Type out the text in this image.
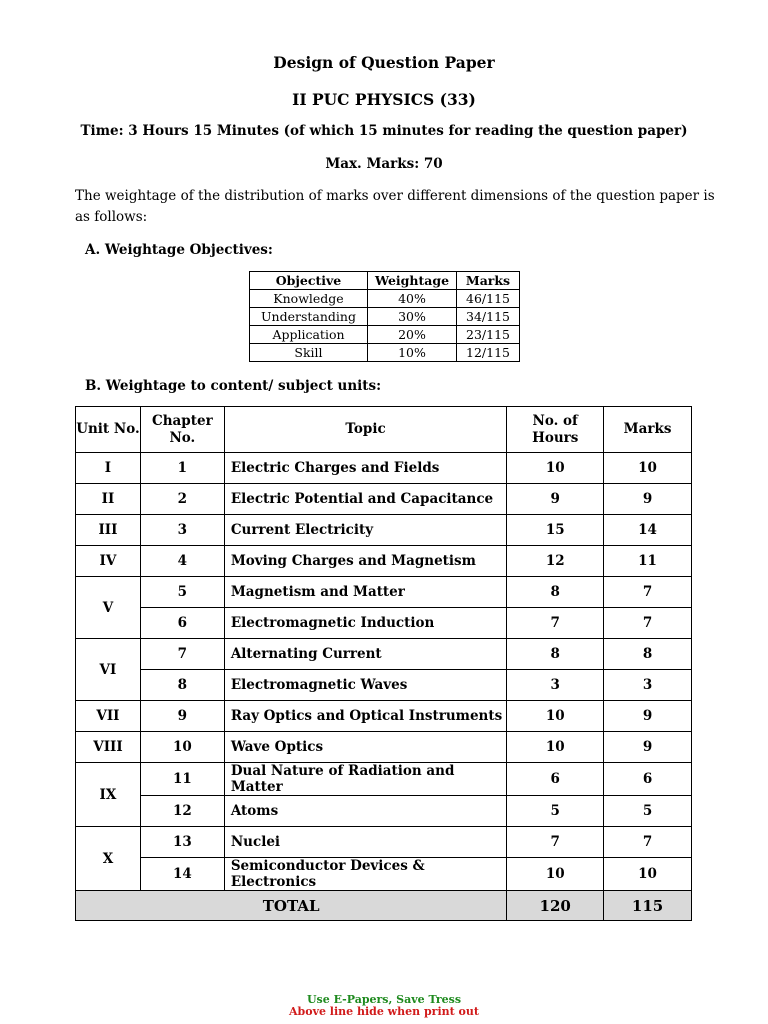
Design of Question Paper
II PUC PHYSICS (33)
Time: 3 Hours 15 Minutes (of which 15 minutes for reading the question paper)
Max. Marks: 70
The weightage of the distribution of marks over different dimensions of the question paper is as follows:
A. Weightage Objectives:
Objective	Weightage	Marks
Knowledge	40%	46/115
Understanding	30%	34/115
Application	20%	23/115
Skill	10%	12/115
B. Weightage to content/ subject units:
Unit No.	Chapter No.	Topic	No. of Hours	Marks
I	1	Electric Charges and Fields	10	10
II	2	Electric Potential and Capacitance	9	9
III	3	Current Electricity	15	14
IV	4	Moving Charges and Magnetism	12	11
V	5	Magnetism and Matter	8	7
	6	Electromagnetic Induction	7	7
VI	7	Alternating Current	8	8
	8	Electromagnetic Waves	3	3
VII	9	Ray Optics and Optical Instruments	10	9
VIII	10	Wave Optics	10	9
IX	11	Dual Nature of Radiation and Matter	6	6
	12	Atoms	5	5
X	13	Nuclei	7	7
	14	Semiconductor Devices & Electronics	10	10
TOTAL			120	115
Use E-Papers, Save Tress
Above line hide when print out
